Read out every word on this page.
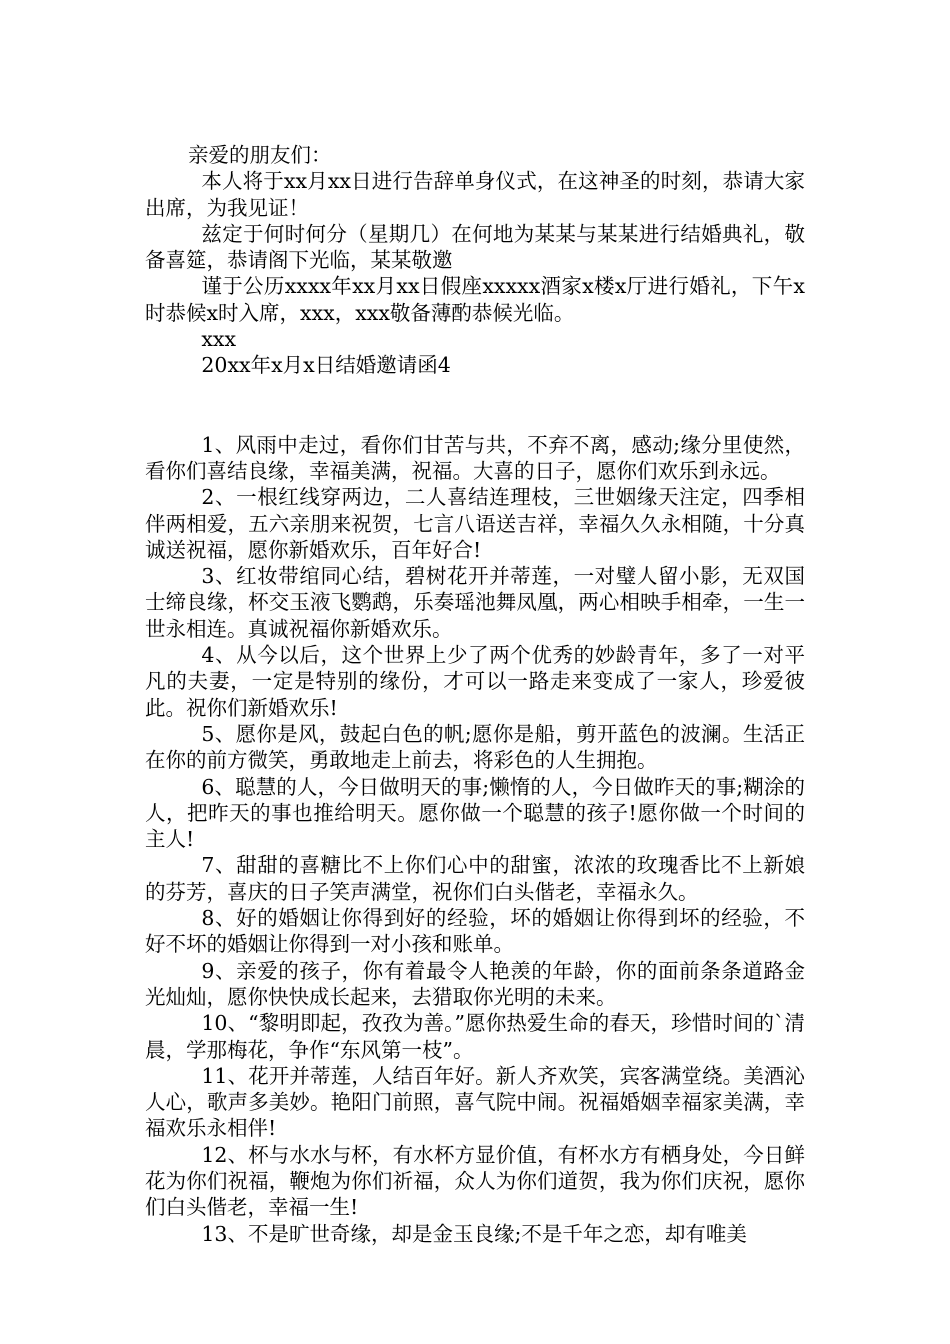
亲爱的朋友们：

本人将于xx月xx日进行告辞单身仪式，在这神圣的时刻，恭请大家出席，为我见证！

兹定于何时何分（星期几）在何地为某某与某某进行结婚典礼，敬备喜筵，恭请阁下光临，某某敬邀

谨于公历xxxx年xx月xx日假座xxxxx酒家x楼x厅进行婚礼，下午x时恭候x时入席，xxx，xxx敬备薄酌恭候光临。

xxx

20xx年x月x日结婚邀请函4

1、风雨中走过，看你们甘苦与共，不弃不离，感动;缘分里使然，看你们喜结良缘，幸福美满，祝福。大喜的日子，愿你们欢乐到永远。

2、一根红线穿两边，二人喜结连理枝，三世姻缘天注定，四季相伴两相爱，五六亲朋来祝贺，七言八语送吉祥，幸福久久永相随，十分真诚送祝福，愿你新婚欢乐，百年好合!

3、红妆带绾同心结，碧树花开并蒂莲，一对璧人留小影，无双国士缔良缘，杯交玉液飞鹦鹉，乐奏瑶池舞凤凰，两心相映手相牵，一生一世永相连。真诚祝福你新婚欢乐。

4、从今以后，这个世界上少了两个优秀的妙龄青年，多了一对平凡的夫妻，一定是特别的缘份，才可以一路走来变成了一家人，珍爱彼此。祝你们新婚欢乐!

5、愿你是风，鼓起白色的帆;愿你是船，剪开蓝色的波澜。生活正在你的前方微笑，勇敢地走上前去，将彩色的人生拥抱。

6、聪慧的人，今日做明天的事;懒惰的人，今日做昨天的事;糊涂的人，把昨天的事也推给明天。愿你做一个聪慧的孩子!愿你做一个时间的主人!

7、甜甜的喜糖比不上你们心中的甜蜜，浓浓的玫瑰香比不上新娘的芬芳，喜庆的日子笑声满堂，祝你们白头偕老，幸福永久。

8、好的婚姻让你得到好的经验，坏的婚姻让你得到坏的经验，不好不坏的婚姻让你得到一对小孩和账单。

9、亲爱的孩子，你有着最令人艳羡的年龄，你的面前条条道路金光灿灿，愿你快快成长起来，去猎取你光明的未来。

10、“黎明即起，孜孜为善。”愿你热爱生命的春天，珍惜时间的`清晨，学那梅花，争作“东风第一枝”。

11、花开并蒂莲，人结百年好。新人齐欢笑，宾客满堂绕。美酒沁人心，歌声多美妙。艳阳门前照，喜气院中闹。祝福婚姻幸福家美满，幸福欢乐永相伴!

12、杯与水水与杯，有水杯方显价值，有杯水方有栖身处，今日鲜花为你们祝福，鞭炮为你们祈福，众人为你们道贺，我为你们庆祝，愿你们白头偕老，幸福一生!

13、不是旷世奇缘，却是金玉良缘;不是千年之恋，却有唯美
